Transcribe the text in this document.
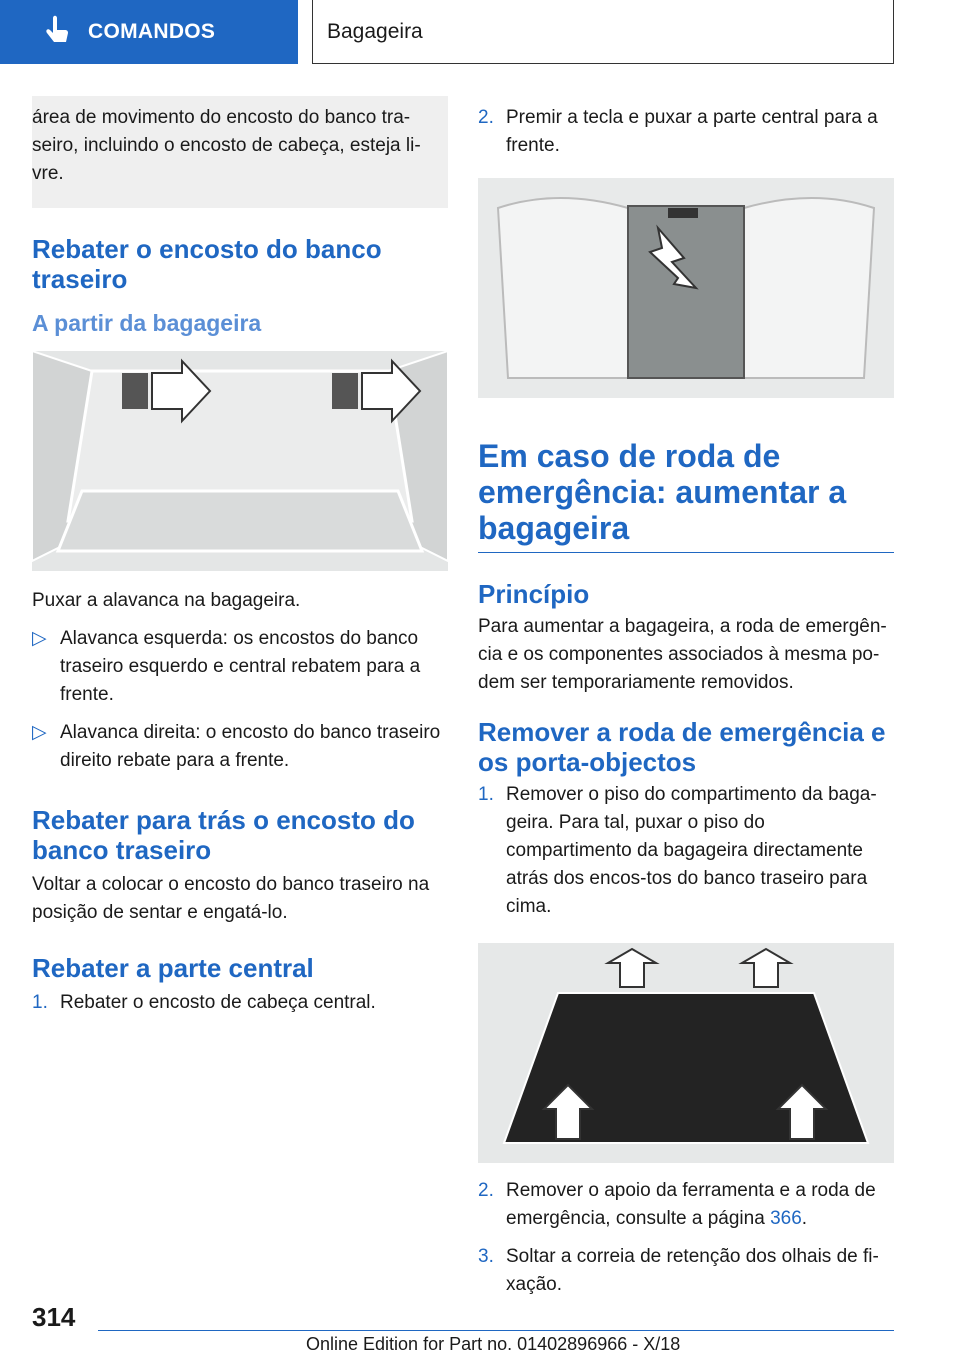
COMANDOS	Bagageira

área de movimento do encosto do banco tra-seiro, incluindo o encosto de cabeça, esteja li-vre.

Rebater o encosto do banco traseiro
A partir da bagageira

Puxar a alavanca na bagageira.

▷ Alavanca esquerda: os encostos do banco traseiro esquerdo e central rebatem para a frente.
▷ Alavanca direita: o encosto do banco traseiro direito rebate para a frente.
Rebater para trás o encosto do banco traseiro

Voltar a colocar o encosto do banco traseiro na posição de sentar e engatá-lo.

Rebater a parte central
1. Rebater o encosto de cabeça central.
2. Premir a tecla e puxar a parte central para a frente.
Em caso de roda de emergência: aumentar a bagageira
Princípio

Para aumentar a bagageira, a roda de emergên-cia e os componentes associados à mesma po-dem ser temporariamente removidos.

Remover a roda de emergência e os porta-objectos
1. Remover o piso do compartimento da baga-geira. Para tal, puxar o piso do compartimento da bagageira directamente atrás dos encos-tos do banco traseiro para cima.
2. Remover o apoio da ferramenta e a roda de emergência, consulte a página 366.
3. Soltar a correia de retenção dos olhais de fi-xação.
314
Online Edition for Part no. 01402896966 - X/18
